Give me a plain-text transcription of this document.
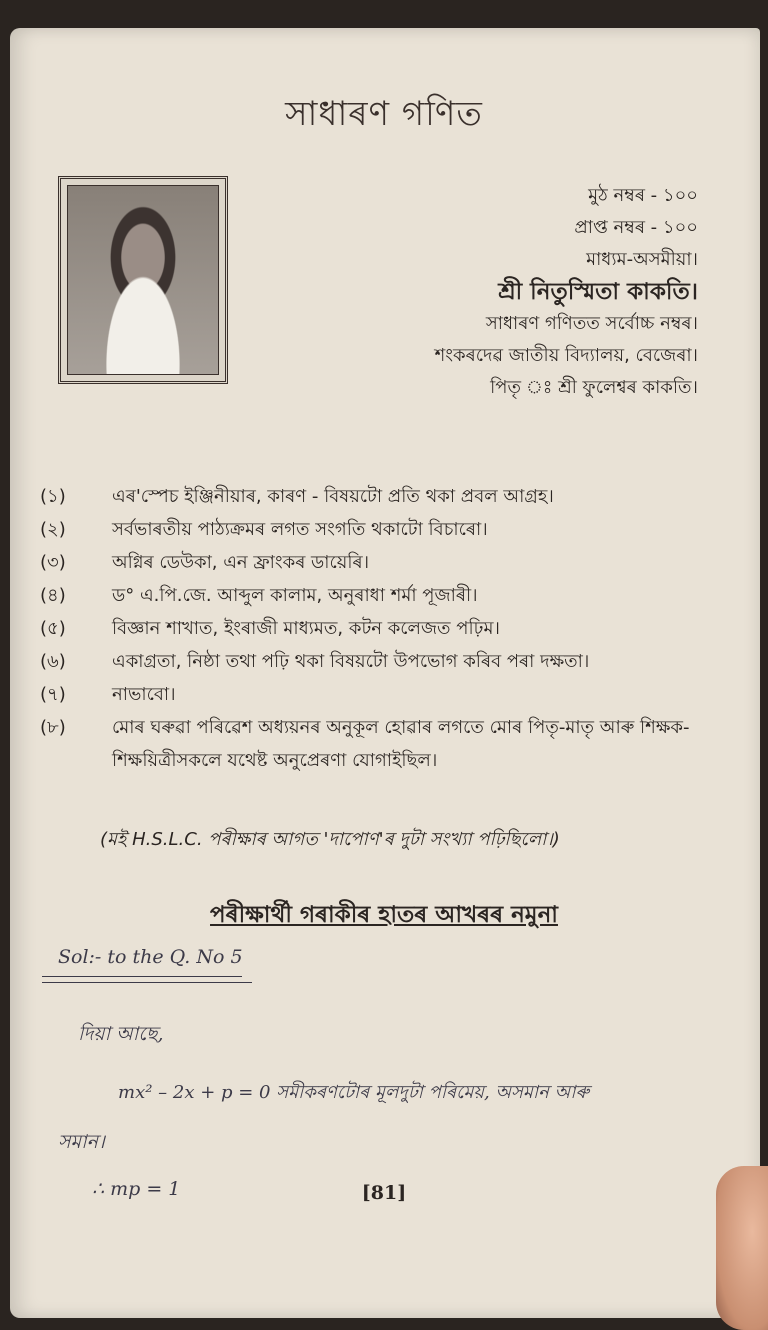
সাধাৰণ গণিত
মুঠ নম্বৰ - ১০০
প্ৰাপ্ত নম্বৰ - ১০০
মাধ্যম-অসমীয়া।
শ্ৰী নিতুস্মিতা কাকতি।
সাধাৰণ গণিতত সৰ্বোচ্চ নম্বৰ।
শংকৰদেৱ জাতীয় বিদ্যালয়, বেজেৰা।
পিতৃ ঃ শ্ৰী ফুলেশ্বৰ কাকতি।
(১)	এৰ'স্পেচ ইঞ্জিনীয়াৰ, কাৰণ - বিষয়টো প্ৰতি থকা প্ৰবল আগ্ৰহ।
(২)	সৰ্বভাৰতীয় পাঠ্যক্ৰমৰ লগত সংগতি থকাটো বিচাৰো।
(৩)	অগ্নিৰ ডেউকা, এন ফ্ৰাংকৰ ডায়েৰি।
(৪)	ড° এ.পি.জে. আব্দুল কালাম, অনুৰাধা শৰ্মা পূজাৰী।
(৫)	বিজ্ঞান শাখাত, ইংৰাজী মাধ্যমত, কটন কলেজত পঢ়িম।
(৬)	একাগ্ৰতা, নিষ্ঠা তথা পঢ়ি থকা বিষয়টো উপভোগ কৰিব পৰা দক্ষতা।
(৭)	নাভাবো।
(৮)	মোৰ ঘৰুৱা পৰিৱেশ অধ্যয়নৰ অনুকূল হোৱাৰ লগতে মোৰ পিতৃ-মাতৃ আৰু শিক্ষক-শিক্ষয়িত্ৰীসকলে যথেষ্ট অনুপ্ৰেৰণা যোগাইছিল।
(মই H.S.L.C. পৰীক্ষাৰ আগত 'দাপোণ'ৰ দুটা সংখ্যা পঢ়িছিলো।)
পৰীক্ষাৰ্থী গৰাকীৰ হাতৰ আখৰৰ নমুনা
Sol:- to the Q. No 5
দিয়া আছে,
mx² – 2x + p = 0 সমীকৰণটোৰ মূলদুটা পৰিমেয়, অসমান আৰু
সমান।
∴ mp = 1	[81]
